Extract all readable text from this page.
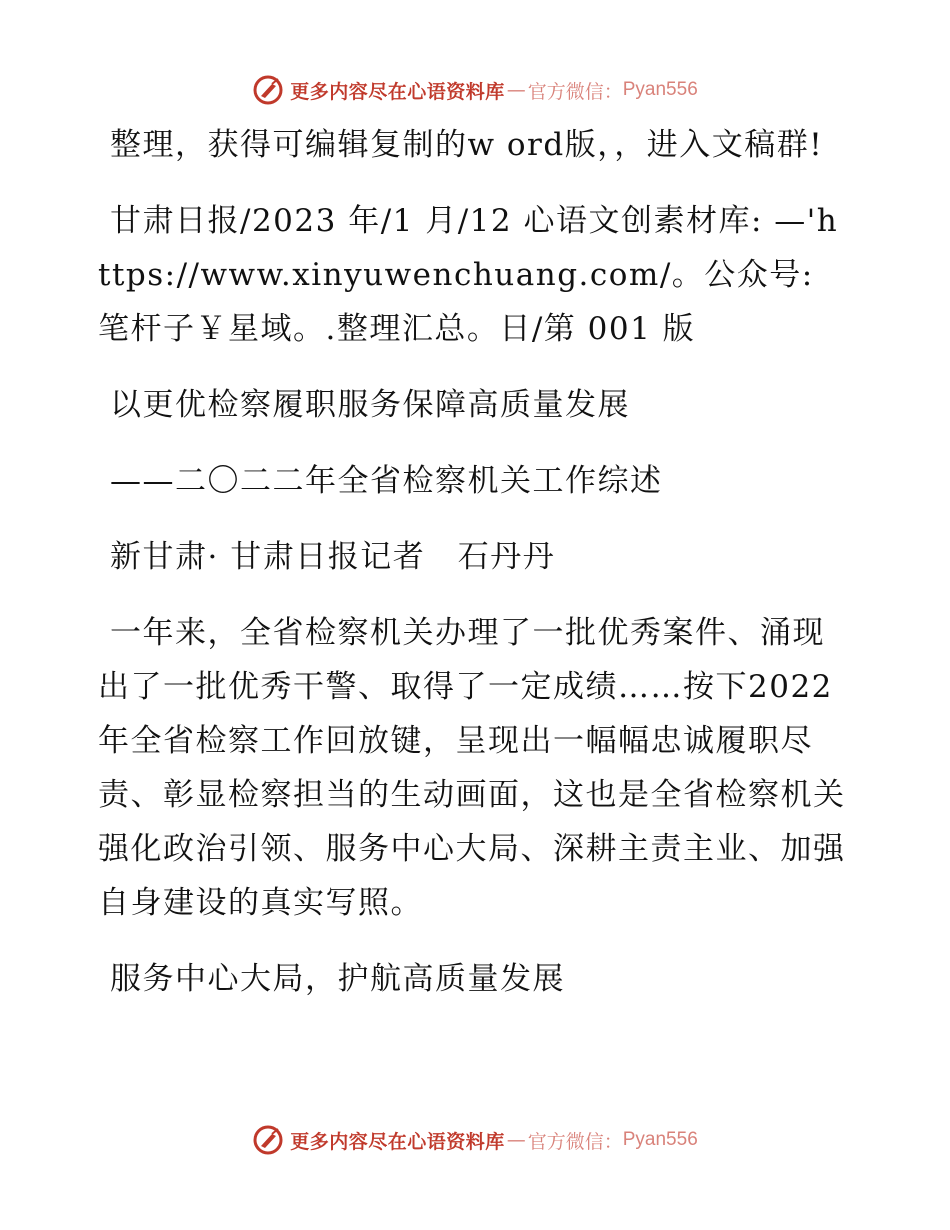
更多内容尽在心语资料库 — 官方微信： Pyan556

整理，获得可编辑复制的w ord版，，进入文稿群!

甘肃日报/2023 年/1 月/12 心语文创素材库: —'https://www.xinyuwenchuang.com/。公众号: 笔杆子￥星域。.整理汇总。日/第 001 版

以更优检察履职服务保障高质量发展

——二〇二二年全省检察机关工作综述

新甘肃· 甘肃日报记者　石丹丹

一年来，全省检察机关办理了一批优秀案件、涌现出了一批优秀干警、取得了一定成绩……按下2022 年全省检察工作回放键，呈现出一幅幅忠诚履职尽责、彰显检察担当的生动画面，这也是全省检察机关强化政治引领、服务中心大局、深耕主责主业、加强自身建设的真实写照。

服务中心大局，护航高质量发展

更多内容尽在心语资料库 — 官方微信： Pyan556
